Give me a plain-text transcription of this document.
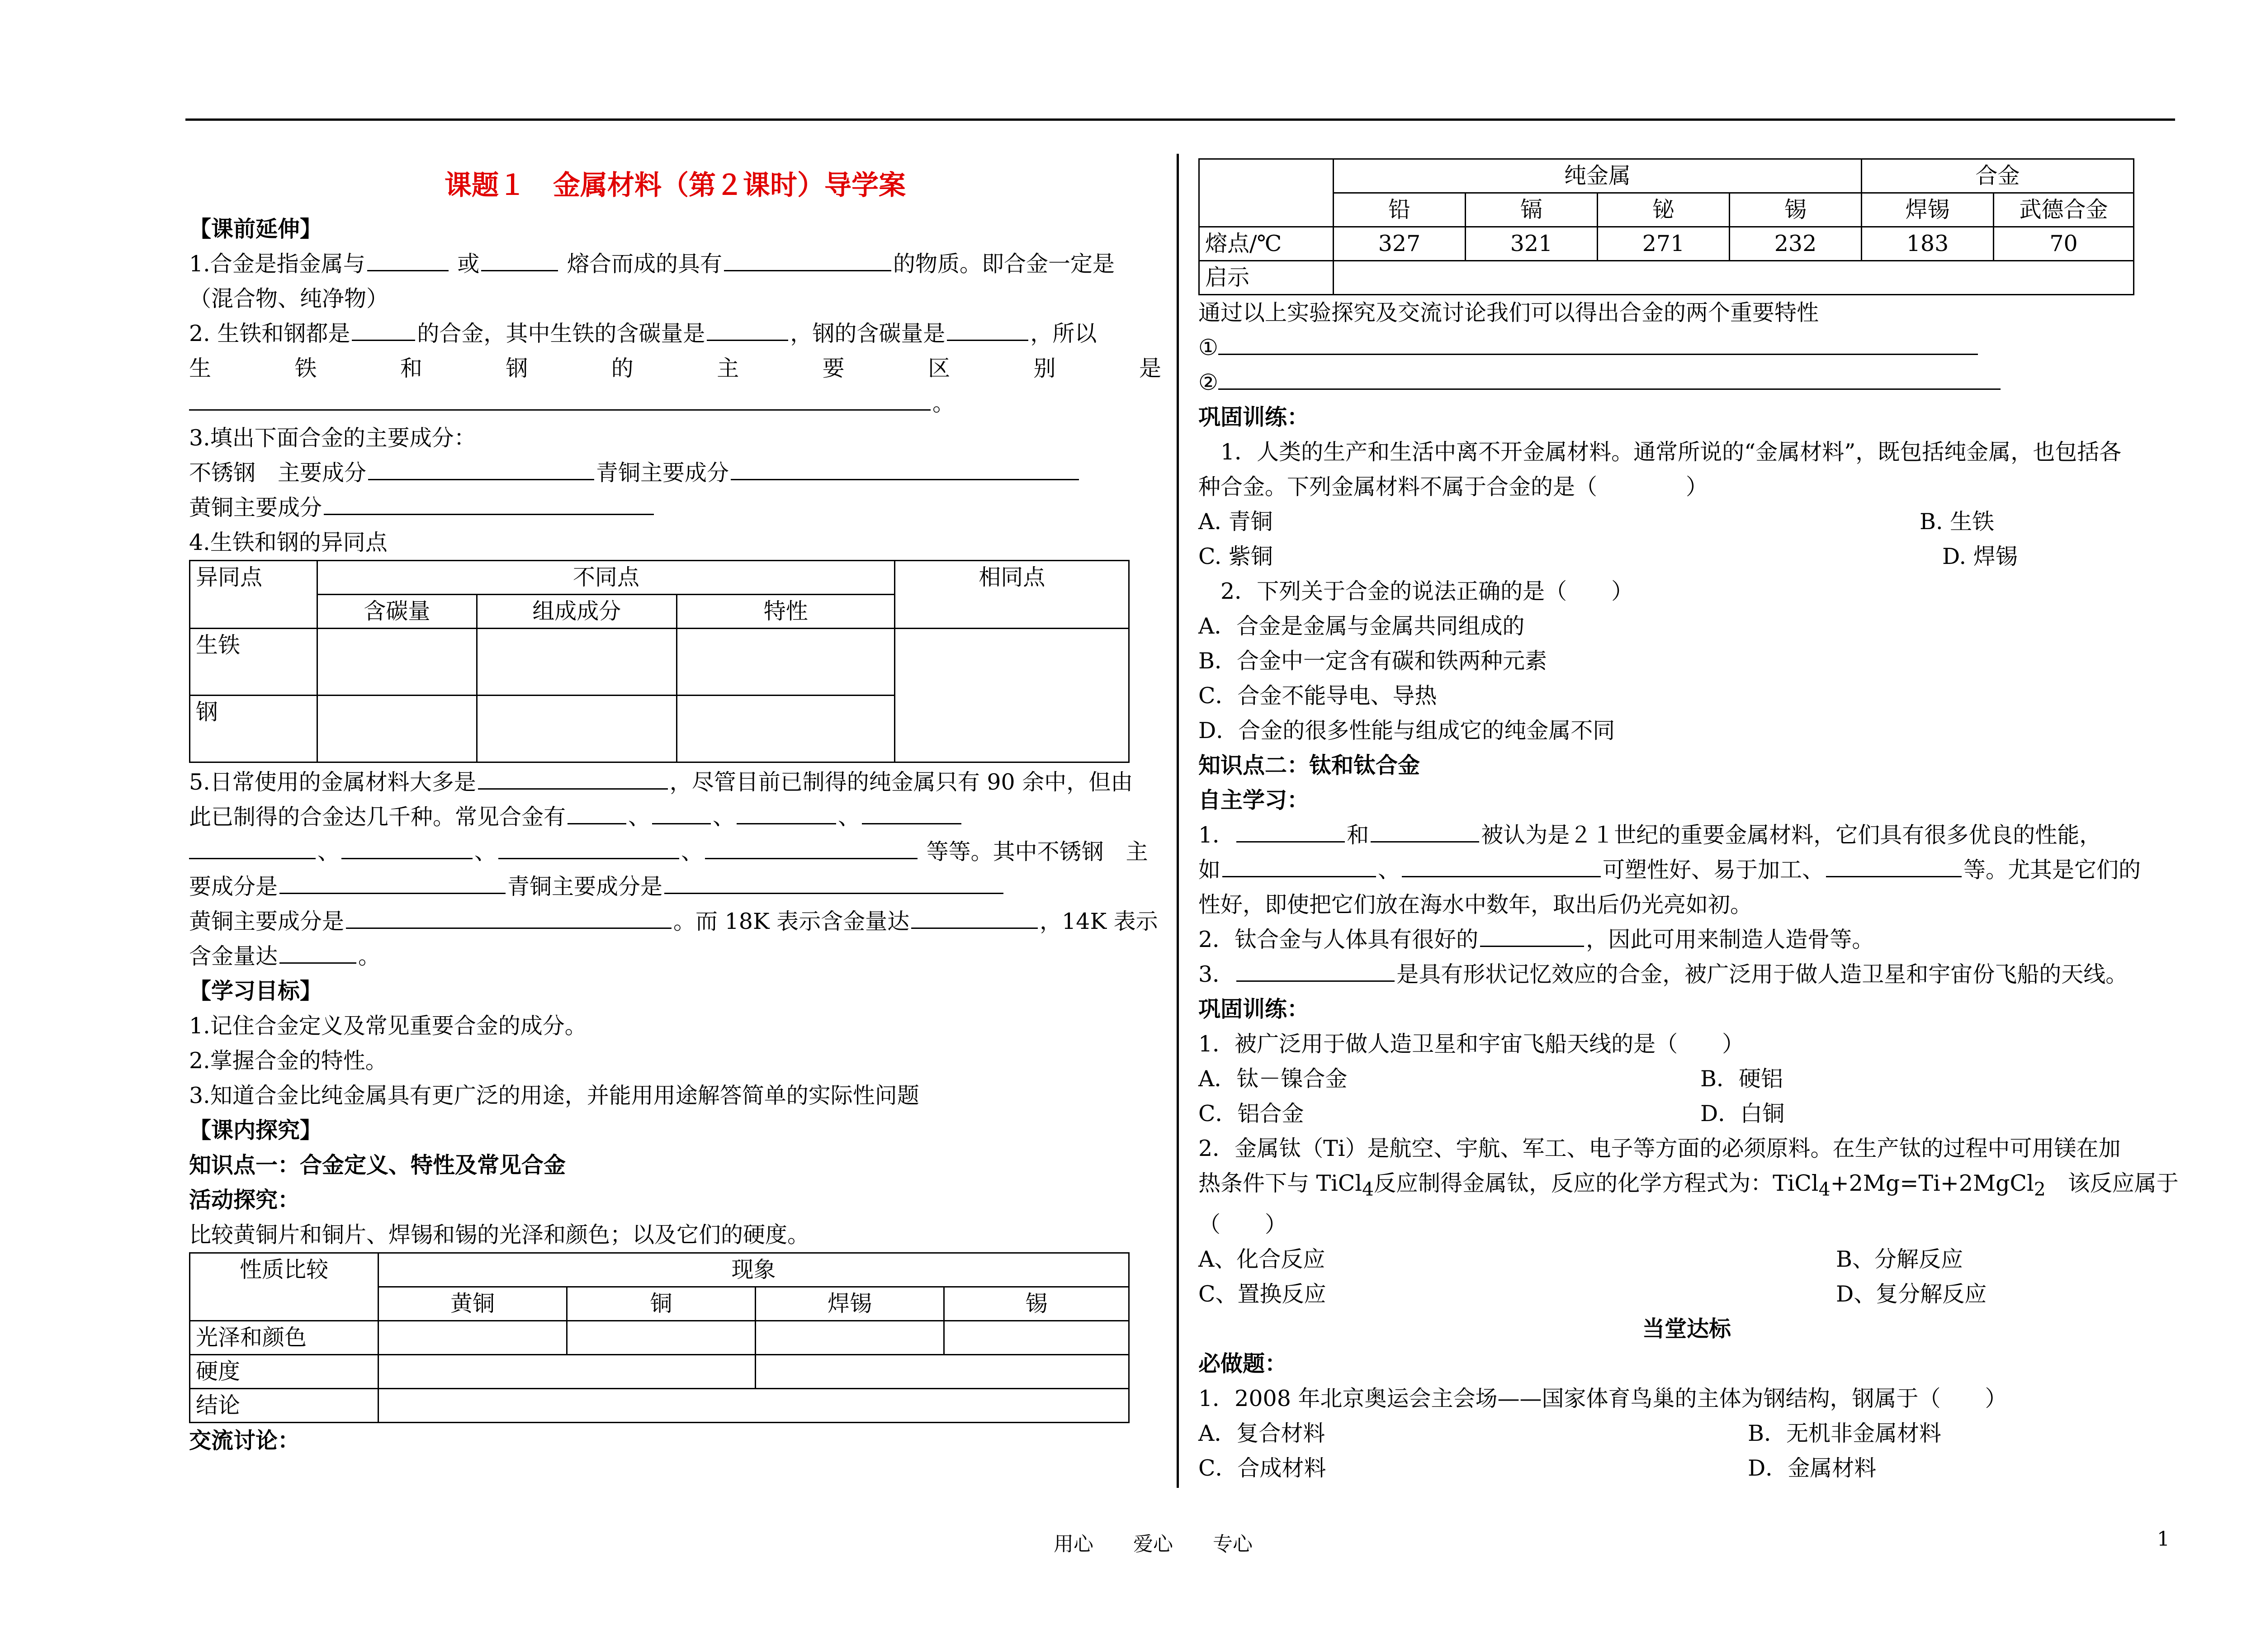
课题１　金属材料（第２课时）导学案
【课前延伸】
1.合金是指金属与	或	熔合而成的具有	的物质。即合金一定是
（混合物、纯净物）
2. 生铁和钢都是	的合金，其中生铁的含碳量是	，钢的含碳量是	，所以
生	铁	和	钢	的	主	要	区	别	是
。
3.填出下面合金的主要成分：
不锈钢　主要成分	青铜主要成分
黄铜主要成分
4.生铁和钢的异同点
异同点	不同点			相同点
	含碳量	组成成分	特性	
生铁				
钢				
5.日常使用的金属材料大多是	，尽管目前已制得的纯金属只有 90 余中，但由
此已制得的合金达几千种。常见合金有	、	、	、
、	、	、	等等。其中不锈钢　主
要成分是	青铜主要成分是
黄铜主要成分是	。而 18K 表示含金量达	，14K 表示
含金量达	。
【学习目标】
1.记住合金定义及常见重要合金的成分。
2.掌握合金的特性。
3.知道合金比纯金属具有更广泛的用途，并能用用途解答简单的实际性问题
【课内探究】
知识点一：合金定义、特性及常见合金
活动探究：
比较黄铜片和铜片、焊锡和锡的光泽和颜色；以及它们的硬度。
性质比较	现象			
	黄铜	铜	焊锡	锡
光泽和颜色				
硬度				
结论				
交流讨论：
	纯金属				合金	
	铅	镉	铋	锡	焊锡	武德合金
熔点/℃	327	321	271	232	183	70
启示						
通过以上实验探究及交流讨论我们可以得出合金的两个重要特性
①
②
巩固训练：
　1．人类的生产和生活中离不开金属材料。通常所说的“金属材料”，既包括纯金属，也包括各
种合金。下列金属材料不属于合金的是（　　　　）
A. 青铜	B. 生铁
C. 紫铜	D. 焊锡
　2．下列关于合金的说法正确的是（　　）
A．合金是金属与金属共同组成的
B．合金中一定含有碳和铁两种元素
C．合金不能导电、导热
D．合金的很多性能与组成它的纯金属不同
知识点二：钛和钛合金
自主学习：
1．	和	被认为是２１世纪的重要金属材料，它们具有很多优良的性能，
如	、	可塑性好、易于加工、	等。尤其是它们的
性好，即使把它们放在海水中数年，取出后仍光亮如初。
2．钛合金与人体具有很好的	，因此可用来制造人造骨等。
3．	是具有形状记忆效应的合金，被广泛用于做人造卫星和宇宙份飞船的天线。
巩固训练：
1．被广泛用于做人造卫星和宇宙飞船天线的是（　　）
A．钛－镍合金	B．硬铝
C．铝合金	D．白铜
2．金属钛（Ti）是航空、宇航、军工、电子等方面的必须原料。在生产钛的过程中可用镁在加
热条件下与 TiCl$_4$反应制得金属钛，反应的化学方程式为：TiCl$_4$+2Mg=Ti+2MgCl$_2$　该反应属于
（　　）
A、化合反应	B、分解反应
C、置换反应	D、复分解反应
当堂达标
必做题：
1．2008 年北京奥运会主会场——国家体育鸟巢的主体为钢结构，钢属于（　　）
A．复合材料	B．无机非金属材料
C．合成材料	D．金属材料
用心　　爱心　　专心	1
